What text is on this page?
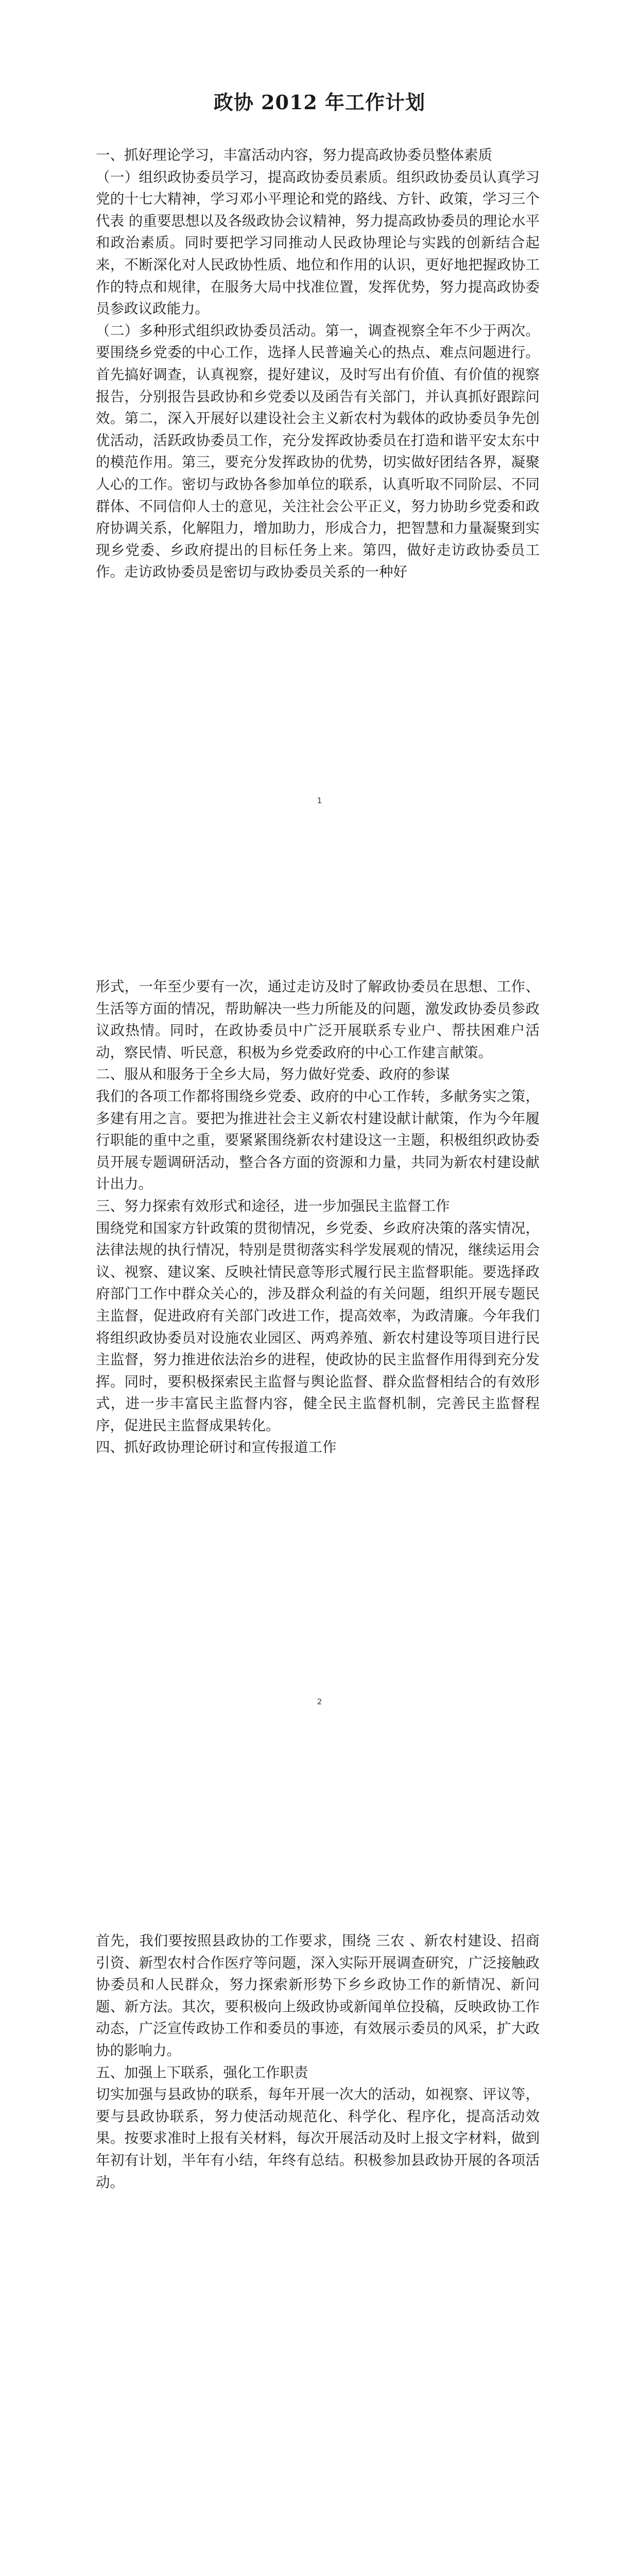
政协 2012 年工作计划

一、抓好理论学习，丰富活动内容，努力提高政协委员整体素质

（一）组织政协委员学习，提高政协委员素质。组织政协委员认真学习党的十七大精神，学习邓小平理论和党的路线、方针、政策，学习三个代表 的重要思想以及各级政协会议精神，努力提高政协委员的理论水平和政治素质。同时要把学习同推动人民政协理论与实践的创新结合起来，不断深化对人民政协性质、地位和作用的认识，更好地把握政协工作的特点和规律，在服务大局中找准位置，发挥优势，努力提高政协委员参政议政能力。

（二）多种形式组织政协委员活动。第一，调查视察全年不少于两次。要围绕乡党委的中心工作，选择人民普遍关心的热点、难点问题进行。首先搞好调查，认真视察，提好建议，及时写出有价值、有价值的视察报告，分别报告县政协和乡党委以及函告有关部门，并认真抓好跟踪问效。第二，深入开展好以建设社会主义新农村为载体的政协委员争先创优活动，活跃政协委员工作，充分发挥政协委员在打造和谐平安太东中的模范作用。第三，要充分发挥政协的优势，切实做好团结各界，凝聚人心的工作。密切与政协各参加单位的联系，认真听取不同阶层、不同群体、不同信仰人士的意见，关注社会公平正义，努力协助乡党委和政府协调关系，化解阻力，增加助力，形成合力，把智慧和力量凝聚到实现乡党委、乡政府提出的目标任务上来。第四，做好走访政协委员工作。走访政协委员是密切与政协委员关系的一种好

1

形式，一年至少要有一次，通过走访及时了解政协委员在思想、工作、生活等方面的情况，帮助解决一些力所能及的问题，激发政协委员参政议政热情。同时，在政协委员中广泛开展联系专业户、帮扶困难户活动，察民情、听民意，积极为乡党委政府的中心工作建言献策。

二、服从和服务于全乡大局，努力做好党委、政府的参谋

我们的各项工作都将围绕乡党委、政府的中心工作转，多献务实之策，多建有用之言。要把为推进社会主义新农村建设献计献策，作为今年履行职能的重中之重，要紧紧围绕新农村建设这一主题，积极组织政协委员开展专题调研活动，整合各方面的资源和力量，共同为新农村建设献计出力。

三、努力探索有效形式和途径，进一步加强民主监督工作

围绕党和国家方针政策的贯彻情况，乡党委、乡政府决策的落实情况，法律法规的执行情况，特别是贯彻落实科学发展观的情况，继续运用会议、视察、建议案、反映社情民意等形式履行民主监督职能。要选择政府部门工作中群众关心的，涉及群众利益的有关问题，组织开展专题民主监督，促进政府有关部门改进工作，提高效率，为政清廉。今年我们将组织政协委员对设施农业园区、两鸡养殖、新农村建设等项目进行民主监督，努力推进依法治乡的进程，使政协的民主监督作用得到充分发挥。同时，要积极探索民主监督与舆论监督、群众监督相结合的有效形式，进一步丰富民主监督内容，健全民主监督机制，完善民主监督程序，促进民主监督成果转化。

四、抓好政协理论研讨和宣传报道工作

2

首先，我们要按照县政协的工作要求，围绕 三农 、新农村建设、招商引资、新型农村合作医疗等问题，深入实际开展调查研究，广泛接触政协委员和人民群众，努力探索新形势下乡乡政协工作的新情况、新问题、新方法。其次，要积极向上级政协或新闻单位投稿，反映政协工作动态，广泛宣传政协工作和委员的事迹，有效展示委员的风采，扩大政协的影响力。

五、加强上下联系，强化工作职责

切实加强与县政协的联系，每年开展一次大的活动，如视察、评议等，要与县政协联系，努力使活动规范化、科学化、程序化，提高活动效果。按要求准时上报有关材料，每次开展活动及时上报文字材料，做到年初有计划，半年有小结，年终有总结。积极参加县政协开展的各项活动。
